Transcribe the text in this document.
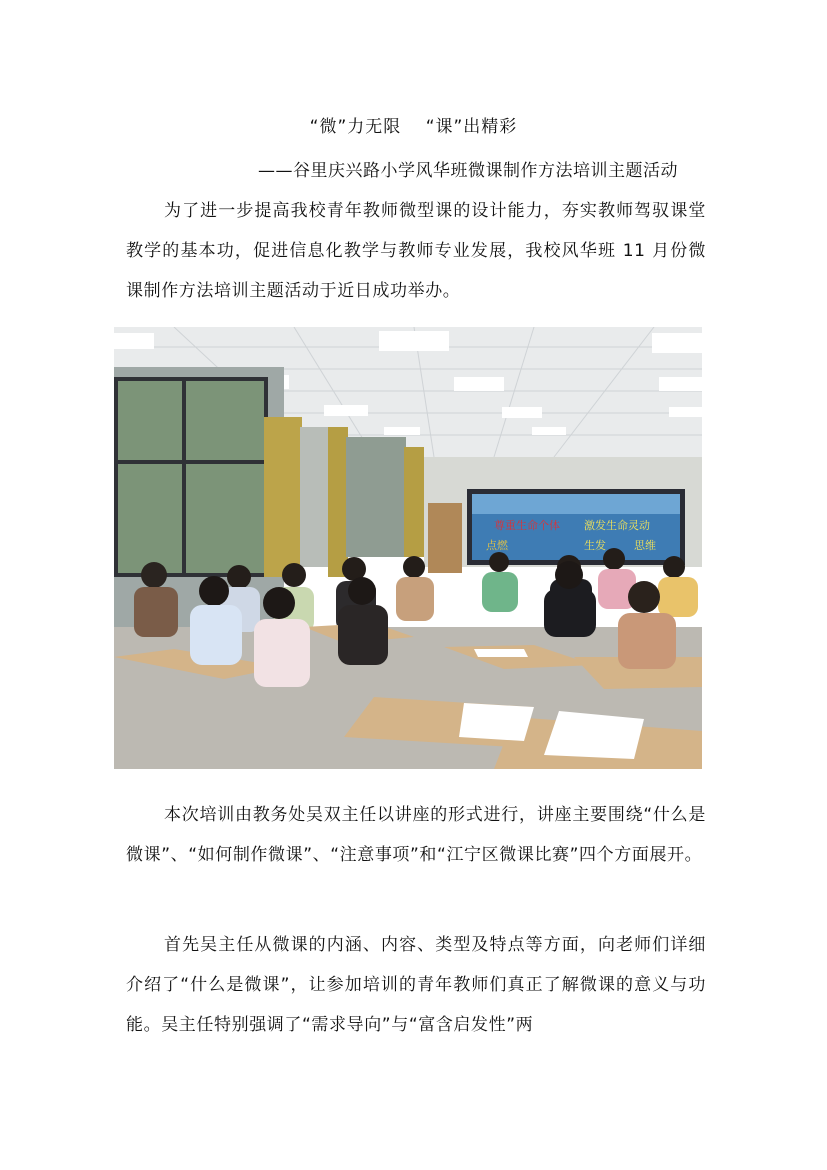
“微”力无限　 “课”出精彩
——谷里庆兴路小学风华班微课制作方法培训主题活动
为了进一步提高我校青年教师微型课的设计能力，夯实教师驾驭课堂教学的基本功，促进信息化教学与教师专业发展，我校风华班 11 月份微课制作方法培训主题活动于近日成功举办。
尊重生命个体
点燃
激发生命灵动
生发	思维
本次培训由教务处吴双主任以讲座的形式进行，讲座主要围绕“什么是微课”、“如何制作微课”、“注意事项”和“江宁区微课比赛”四个方面展开。
首先吴主任从微课的内涵、内容、类型及特点等方面，向老师们详细介绍了“什么是微课”，让参加培训的青年教师们真正了解微课的意义与功能。吴主任特别强调了“需求导向”与“富含启发性”两
